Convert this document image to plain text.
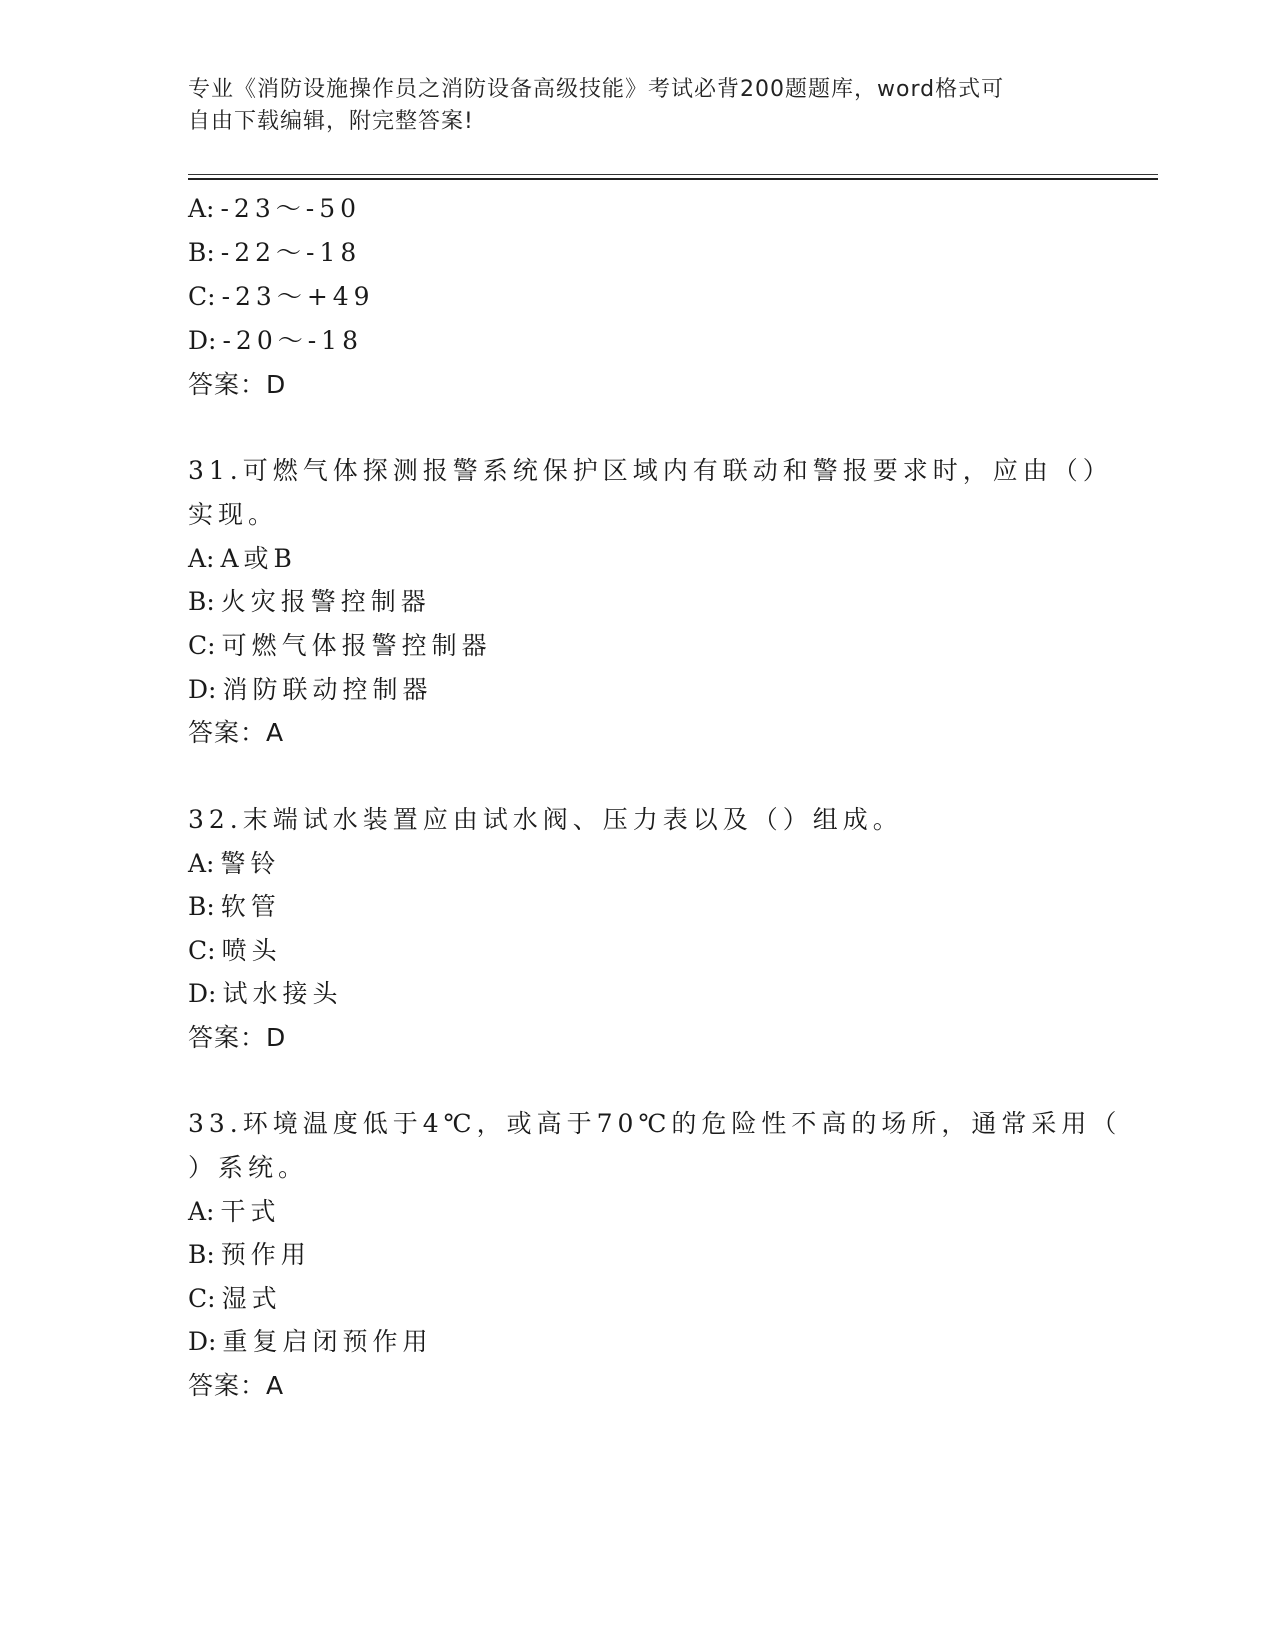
专业《消防设施操作员之消防设备高级技能》考试必背200题题库，word格式可
自由下载编辑，附完整答案!
A: -23～-50
B: -22～-18
C: -23～+49
D: -20～-18
答案：D
31.可燃气体探测报警系统保护区域内有联动和警报要求时，应由（）
实现。
A: A或B
B: 火灾报警控制器
C: 可燃气体报警控制器
D: 消防联动控制器
答案：A
32.末端试水装置应由试水阀、压力表以及（）组成。
A: 警铃
B: 软管
C: 喷头
D: 试水接头
答案：D
33.环境温度低于4℃，或高于70℃的危险性不高的场所，通常采用（
）系统。
A: 干式
B: 预作用
C: 湿式
D: 重复启闭预作用
答案：A
